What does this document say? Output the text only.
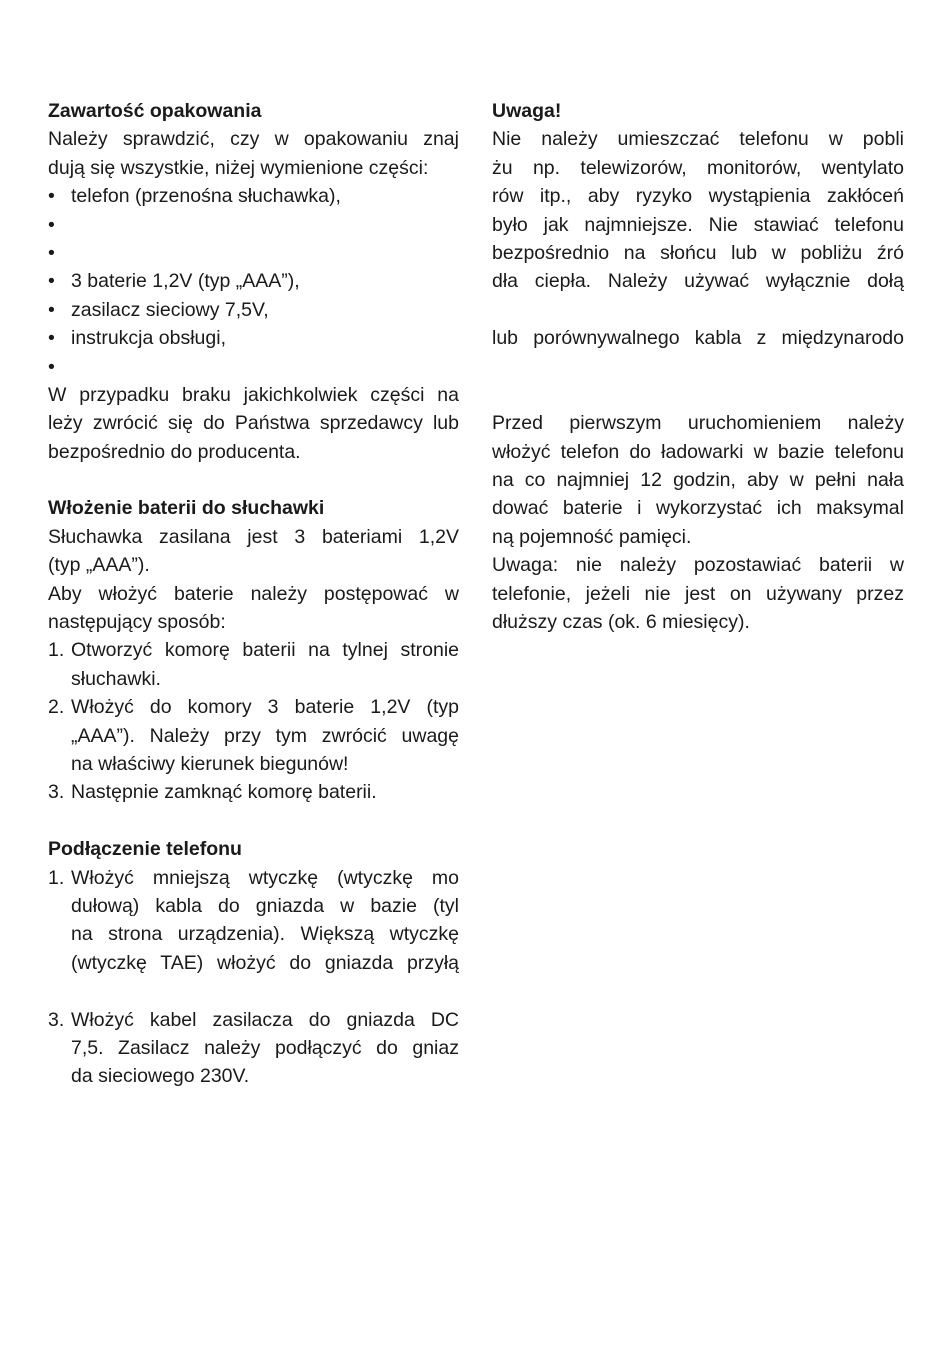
Zawartość opakowania
Należy sprawdzić, czy w opakowaniu znaj
dują się wszystkie, niżej wymienione części:
• telefon (przenośna słuchawka),
•
•
• 3 baterie 1,2V (typ „AAA”),
• zasilacz sieciowy 7,5V,
• instrukcja obsługi,
•
W przypadku braku jakichkolwiek części na
leży zwrócić się do Państwa sprzedawcy lub
bezpośrednio do producenta.
Włożenie baterii do słuchawki
Słuchawka zasilana jest 3 bateriami 1,2V
(typ „AAA”).
Aby włożyć baterie należy postępować w
następujący sposób:
1. Otworzyć komorę baterii na tylnej stronie
słuchawki.
2. Włożyć do komory 3 baterie 1,2V (typ
„AAA”). Należy przy tym zwrócić uwagę
na właściwy kierunek biegunów!
3. Następnie zamknąć komorę baterii.
Podłączenie telefonu
1. Włożyć mniejszą wtyczkę (wtyczkę mo
dułową) kabla do gniazda w bazie (tyl
na strona urządzenia). Większą wtyczkę
(wtyczkę TAE) włożyć do gniazda przyłą
3. Włożyć kabel zasilacza do gniazda DC
7,5. Zasilacz należy podłączyć do gniaz
da sieciowego 230V.
Uwaga!
Nie należy umieszczać telefonu w pobli
żu np. telewizorów, monitorów, wentylato
rów itp., aby ryzyko wystąpienia zakłóceń
było jak najmniejsze. Nie stawiać telefonu
bezpośrednio na słońcu lub w pobliżu źró
dła ciepła. Należy używać wyłącznie dołą
lub porównywalnego kabla z międzynarodo
Przed pierwszym uruchomieniem należy
włożyć telefon do ładowarki w bazie telefonu
na co najmniej 12 godzin, aby w pełni nała
dować baterie i wykorzystać ich maksymal
ną pojemność pamięci.
Uwaga: nie należy pozostawiać baterii w
telefonie, jeżeli nie jest on używany przez
dłuższy czas (ok. 6 miesięcy).
